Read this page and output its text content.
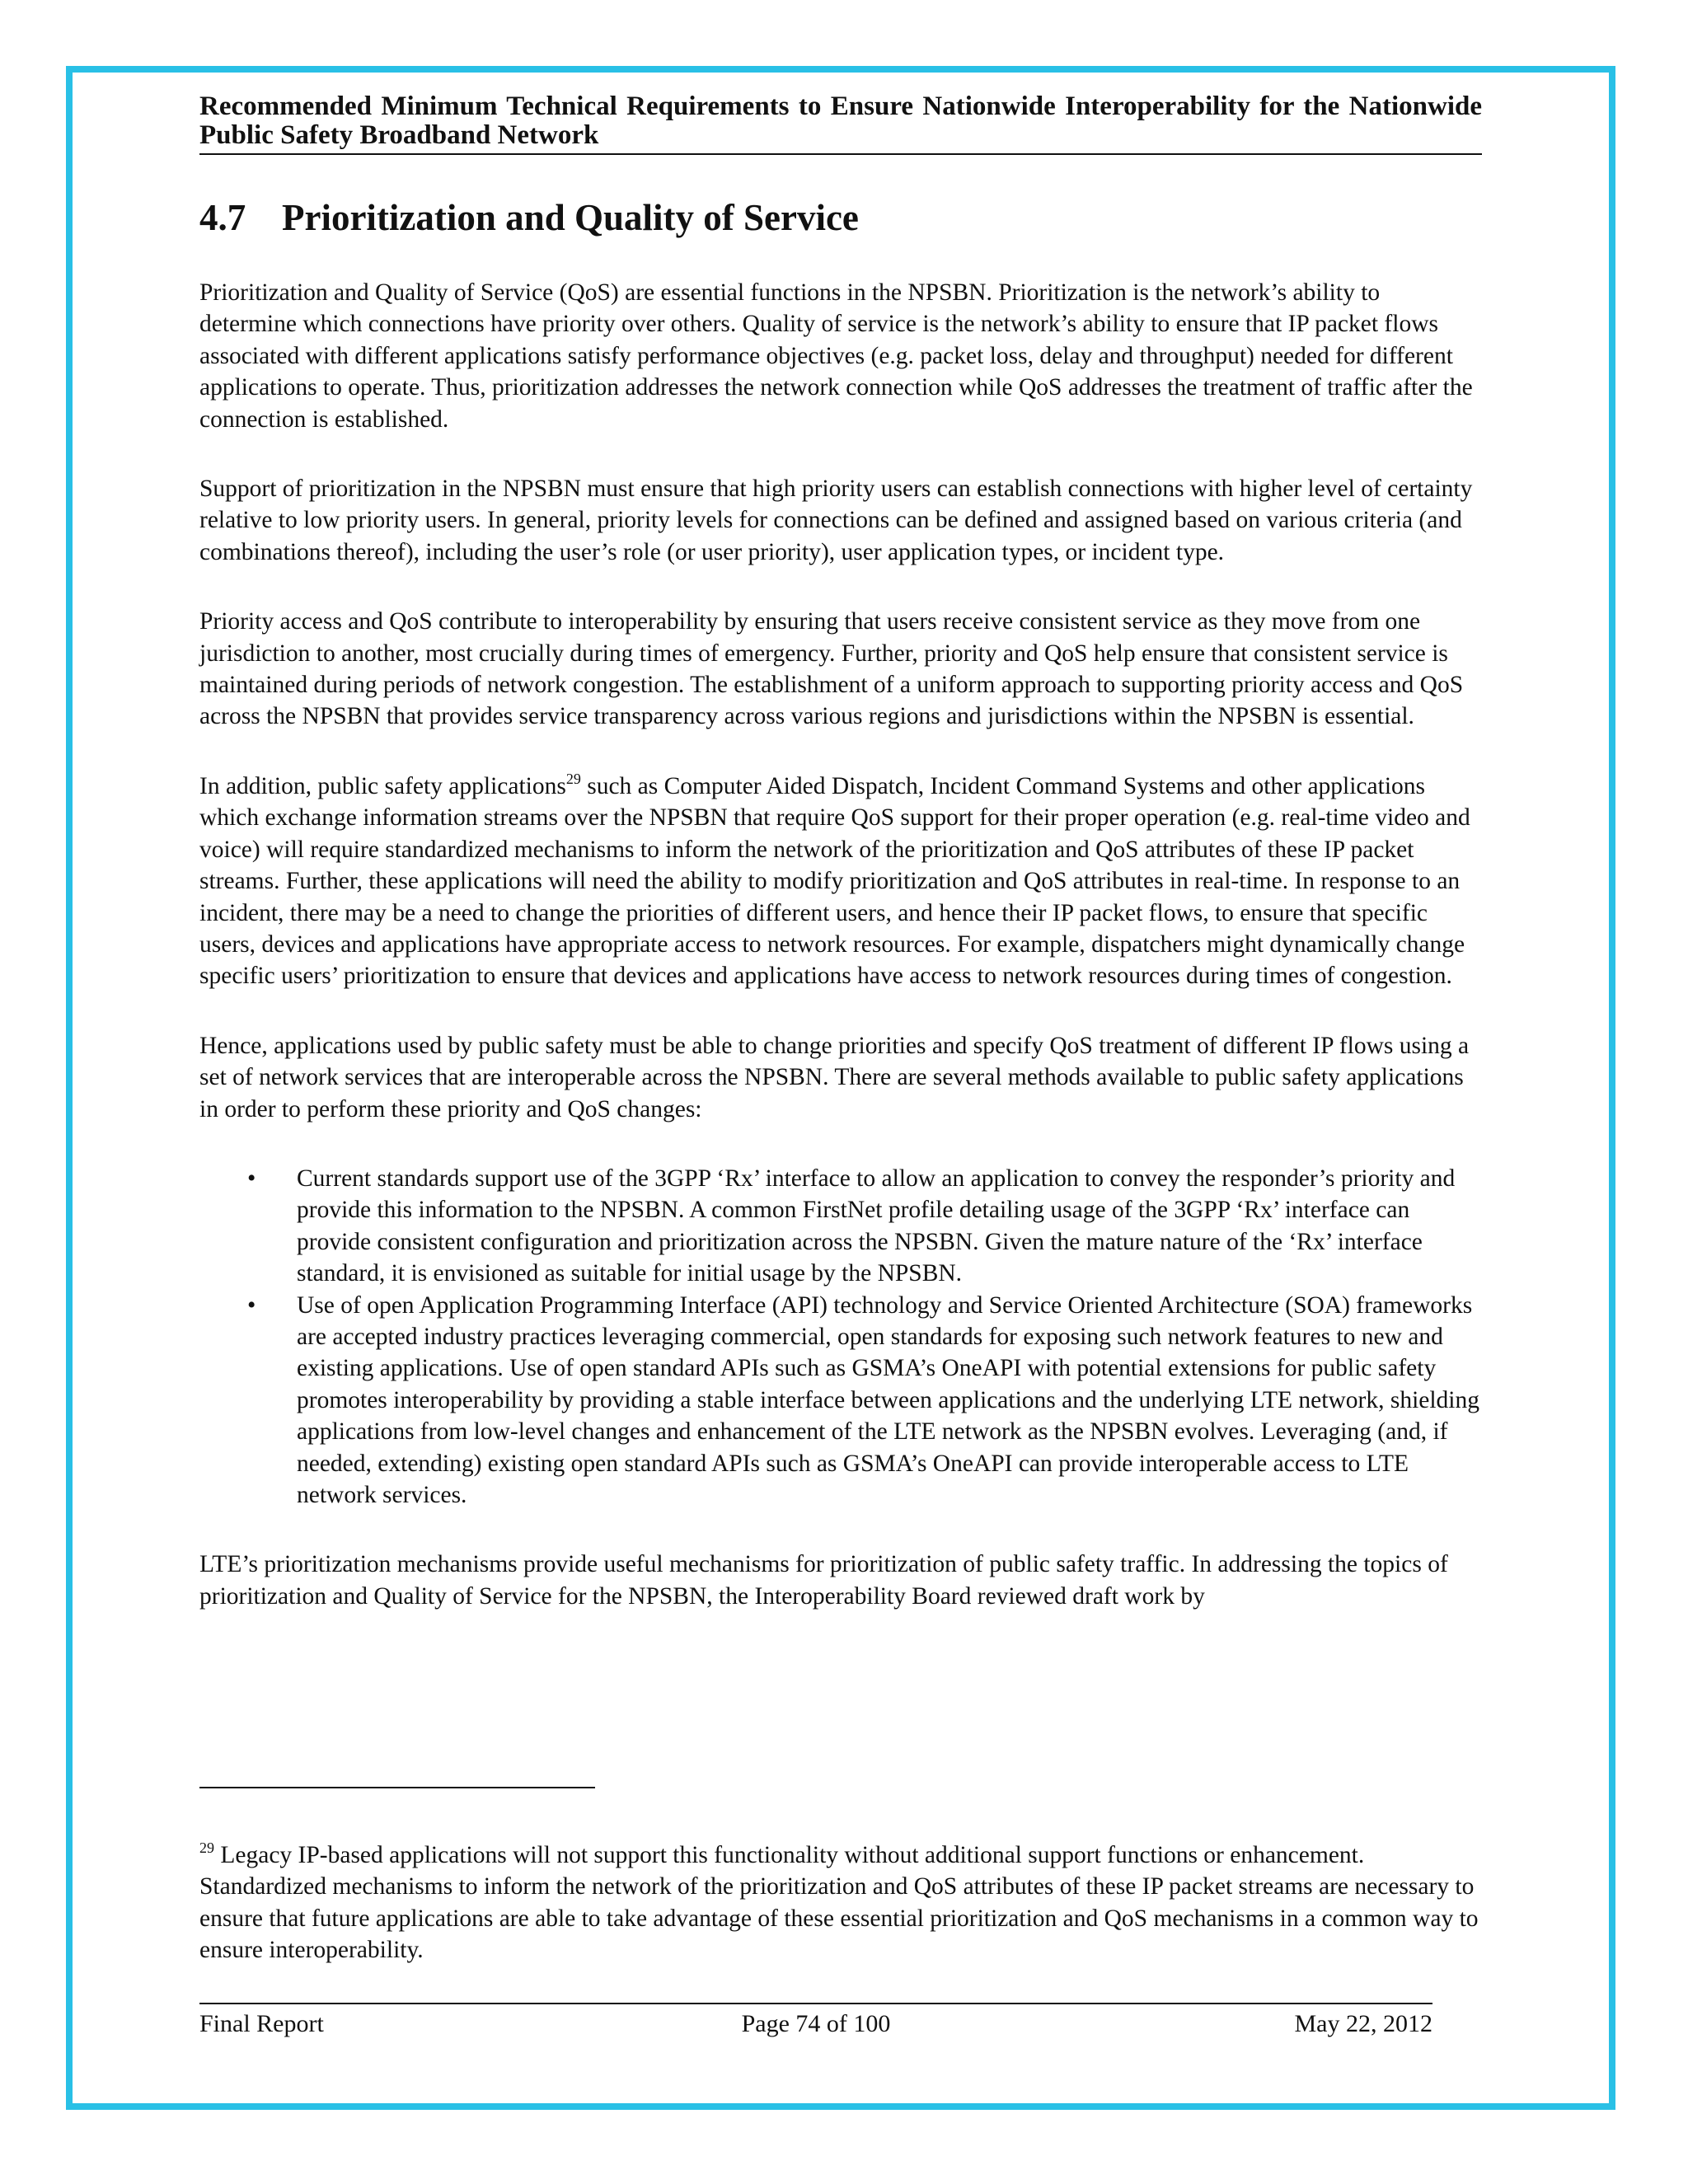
Recommended Minimum Technical Requirements to Ensure Nationwide Interoperability for the Nationwide Public Safety Broadband Network
4.7 Prioritization and Quality of Service

Prioritization and Quality of Service (QoS) are essential functions in the NPSBN. Prioritization is the network’s ability to determine which connections have priority over others. Quality of service is the network’s ability to ensure that IP packet flows associated with different applications satisfy performance objectives (e.g. packet loss, delay and throughput) needed for different applications to operate. Thus, prioritization addresses the network connection while QoS addresses the treatment of traffic after the connection is established.

Support of prioritization in the NPSBN must ensure that high priority users can establish connections with higher level of certainty relative to low priority users. In general, priority levels for connections can be defined and assigned based on various criteria (and combinations thereof), including the user’s role (or user priority), user application types, or incident type.

Priority access and QoS contribute to interoperability by ensuring that users receive consistent service as they move from one jurisdiction to another, most crucially during times of emergency. Further, priority and QoS help ensure that consistent service is maintained during periods of network congestion. The establishment of a uniform approach to supporting priority access and QoS across the NPSBN that provides service transparency across various regions and jurisdictions within the NPSBN is essential.

In addition, public safety applications$^{29}$ such as Computer Aided Dispatch, Incident Command Systems and other applications which exchange information streams over the NPSBN that require QoS support for their proper operation (e.g. real-time video and voice) will require standardized mechanisms to inform the network of the prioritization and QoS attributes of these IP packet streams. Further, these applications will need the ability to modify prioritization and QoS attributes in real-time. In response to an incident, there may be a need to change the priorities of different users, and hence their IP packet flows, to ensure that specific users, devices and applications have appropriate access to network resources. For example, dispatchers might dynamically change specific users’ prioritization to ensure that devices and applications have access to network resources during times of congestion.

Hence, applications used by public safety must be able to change priorities and specify QoS treatment of different IP flows using a set of network services that are interoperable across the NPSBN. There are several methods available to public safety applications in order to perform these priority and QoS changes:

• Current standards support use of the 3GPP ‘Rx’ interface to allow an application to convey the responder’s priority and provide this information to the NPSBN. A common FirstNet profile detailing usage of the 3GPP ‘Rx’ interface can provide consistent configuration and prioritization across the NPSBN. Given the mature nature of the ‘Rx’ interface standard, it is envisioned as suitable for initial usage by the NPSBN.
• Use of open Application Programming Interface (API) technology and Service Oriented Architecture (SOA) frameworks are accepted industry practices leveraging commercial, open standards for exposing such network features to new and existing applications. Use of open standard APIs such as GSMA’s OneAPI with potential extensions for public safety promotes interoperability by providing a stable interface between applications and the underlying LTE network, shielding applications from low-level changes and enhancement of the LTE network as the NPSBN evolves. Leveraging (and, if needed, extending) existing open standard APIs such as GSMA’s OneAPI can provide interoperable access to LTE network services.

LTE’s prioritization mechanisms provide useful mechanisms for prioritization of public safety traffic. In addressing the topics of prioritization and Quality of Service for the NPSBN, the Interoperability Board reviewed draft work by

$^{29}$ Legacy IP-based applications will not support this functionality without additional support functions or enhancement. Standardized mechanisms to inform the network of the prioritization and QoS attributes of these IP packet streams are necessary to ensure that future applications are able to take advantage of these essential prioritization and QoS mechanisms in a common way to ensure interoperability.
Final Report	Page 74 of 100	May 22, 2012
